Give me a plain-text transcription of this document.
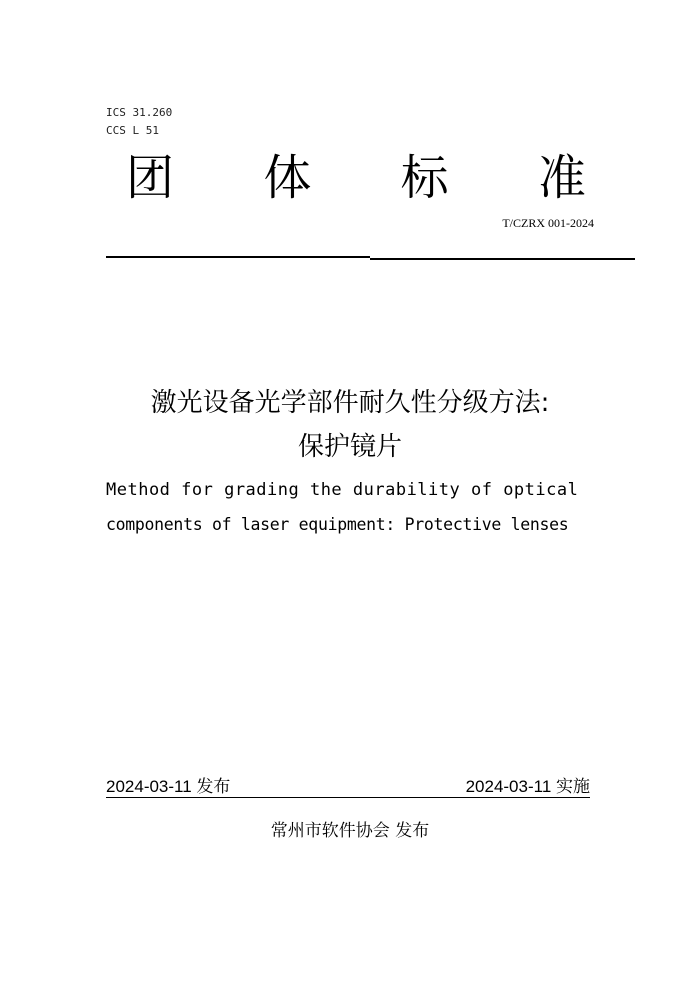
ICS 31.260
CCS L 51
团 体 标 准
T/CZRX 001-2024
激光设备光学部件耐久性分级方法:
保护镜片
Method for grading the durability of optical
components of laser equipment: Protective lenses
2024-03-11 发布	2024-03-11 实施
常州市软件协会 发布
